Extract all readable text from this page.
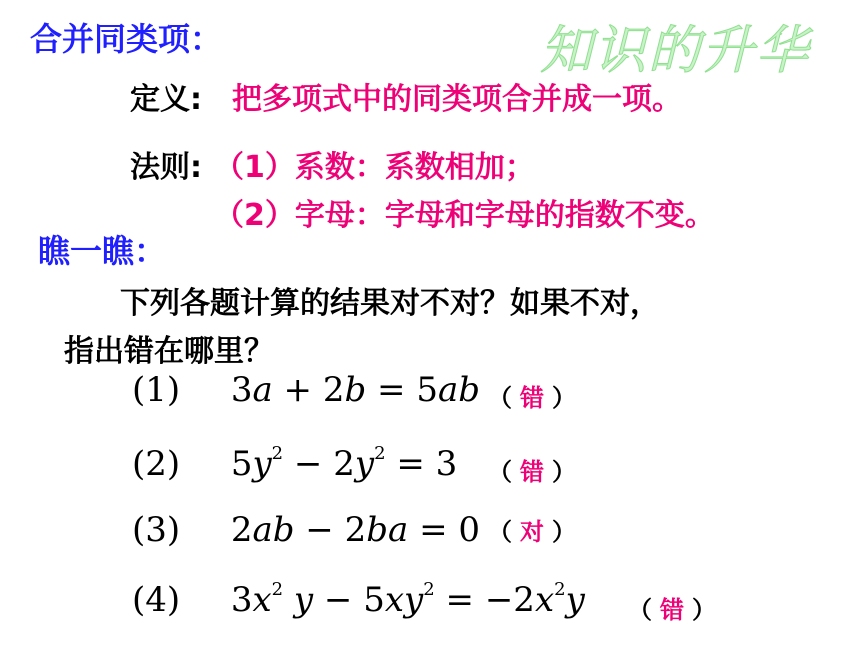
合并同类项：	知识的升华
定义: 把多项式中的同类项合并成一项。
法则: （1）系数：系数相加；
（2）字母：字母和字母的指数不变。
瞧一瞧：
下列各题计算的结果对不对？如果不对，
指出错在哪里？
(1) 3a + 2b = 5ab （ 错 ）
(2) $5y^2 - 2y^2 = 3$ （ 错 ）
(3) 2ab − 2ba = 0 （ 对 ）
(4) $3x^2$ $y - 5xy^2 = -2x^2y$ （ 错 ）
